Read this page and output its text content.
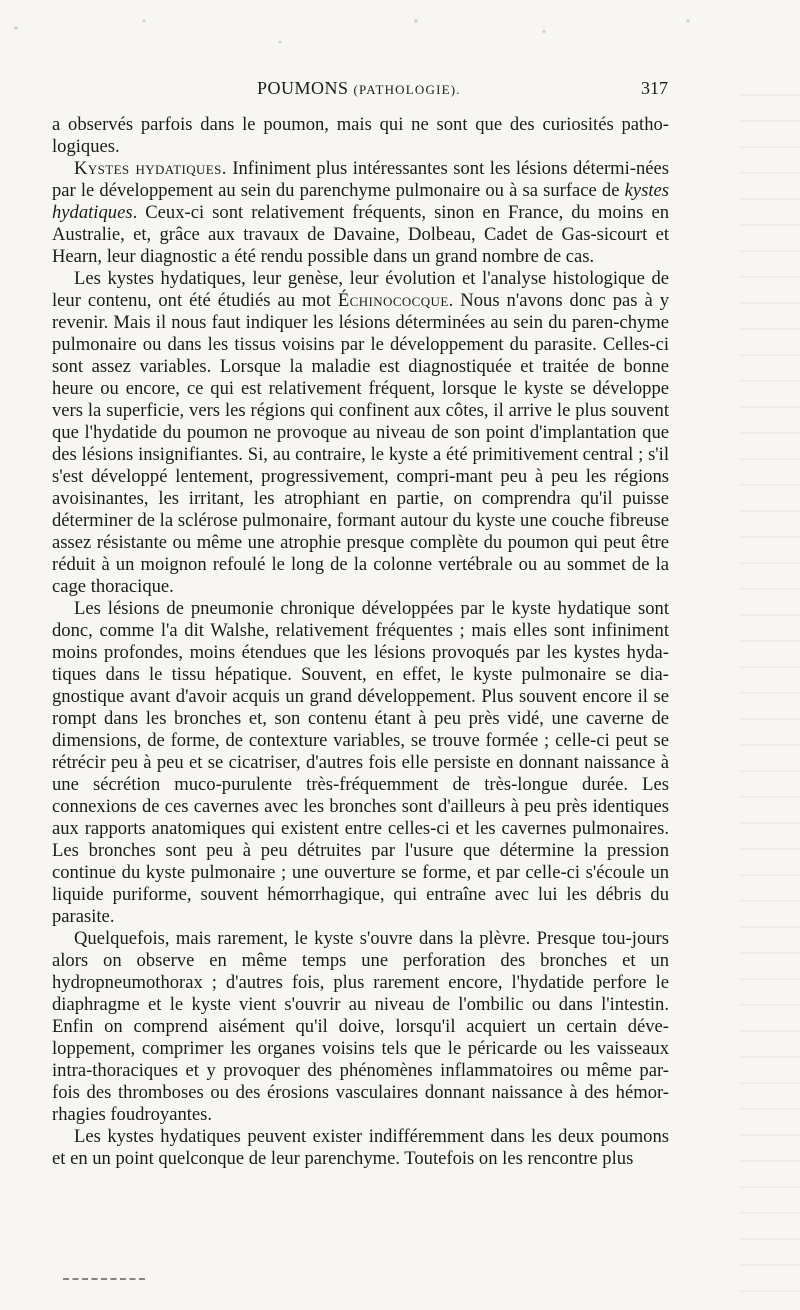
POUMONS (PATHOLOGIE).	317

a observés parfois dans le poumon, mais qui ne sont que des curiosités patho-logiques.

Kystes hydatiques. Infiniment plus intéressantes sont les lésions détermi-nées par le développement au sein du parenchyme pulmonaire ou à sa surface de kystes hydatiques. Ceux-ci sont relativement fréquents, sinon en France, du moins en Australie, et, grâce aux travaux de Davaine, Dolbeau, Cadet de Gas-sicourt et Hearn, leur diagnostic a été rendu possible dans un grand nombre de cas.

Les kystes hydatiques, leur genèse, leur évolution et l'analyse histologique de leur contenu, ont été étudiés au mot Échinococque. Nous n'avons donc pas à y revenir. Mais il nous faut indiquer les lésions déterminées au sein du paren-chyme pulmonaire ou dans les tissus voisins par le développement du parasite. Celles-ci sont assez variables. Lorsque la maladie est diagnostiquée et traitée de bonne heure ou encore, ce qui est relativement fréquent, lorsque le kyste se développe vers la superficie, vers les régions qui confinent aux côtes, il arrive le plus souvent que l'hydatide du poumon ne provoque au niveau de son point d'implantation que des lésions insignifiantes. Si, au contraire, le kyste a été primitivement central ; s'il s'est développé lentement, progressivement, compri-mant peu à peu les régions avoisinantes, les irritant, les atrophiant en partie, on comprendra qu'il puisse déterminer de la sclérose pulmonaire, formant autour du kyste une couche fibreuse assez résistante ou même une atrophie presque complète du poumon qui peut être réduit à un moignon refoulé le long de la colonne vertébrale ou au sommet de la cage thoracique.

Les lésions de pneumonie chronique développées par le kyste hydatique sont donc, comme l'a dit Walshe, relativement fréquentes ; mais elles sont infiniment moins profondes, moins étendues que les lésions provoqués par les kystes hyda-tiques dans le tissu hépatique. Souvent, en effet, le kyste pulmonaire se dia-gnostique avant d'avoir acquis un grand développement. Plus souvent encore il se rompt dans les bronches et, son contenu étant à peu près vidé, une caverne de dimensions, de forme, de contexture variables, se trouve formée ; celle-ci peut se rétrécir peu à peu et se cicatriser, d'autres fois elle persiste en donnant naissance à une sécrétion muco-purulente très-fréquemment de très-longue durée. Les connexions de ces cavernes avec les bronches sont d'ailleurs à peu près identiques aux rapports anatomiques qui existent entre celles-ci et les cavernes pulmonaires. Les bronches sont peu à peu détruites par l'usure que détermine la pression continue du kyste pulmonaire ; une ouverture se forme, et par celle-ci s'écoule un liquide puriforme, souvent hémorrhagique, qui entraîne avec lui les débris du parasite.

Quelquefois, mais rarement, le kyste s'ouvre dans la plèvre. Presque tou-jours alors on observe en même temps une perforation des bronches et un hydropneumothorax ; d'autres fois, plus rarement encore, l'hydatide perfore le diaphragme et le kyste vient s'ouvrir au niveau de l'ombilic ou dans l'intestin. Enfin on comprend aisément qu'il doive, lorsqu'il acquiert un certain déve-loppement, comprimer les organes voisins tels que le péricarde ou les vaisseaux intra-thoraciques et y provoquer des phénomènes inflammatoires ou même par-fois des thromboses ou des érosions vasculaires donnant naissance à des hémor-rhagies foudroyantes.

Les kystes hydatiques peuvent exister indifféremment dans les deux poumons et en un point quelconque de leur parenchyme. Toutefois on les rencontre plus
